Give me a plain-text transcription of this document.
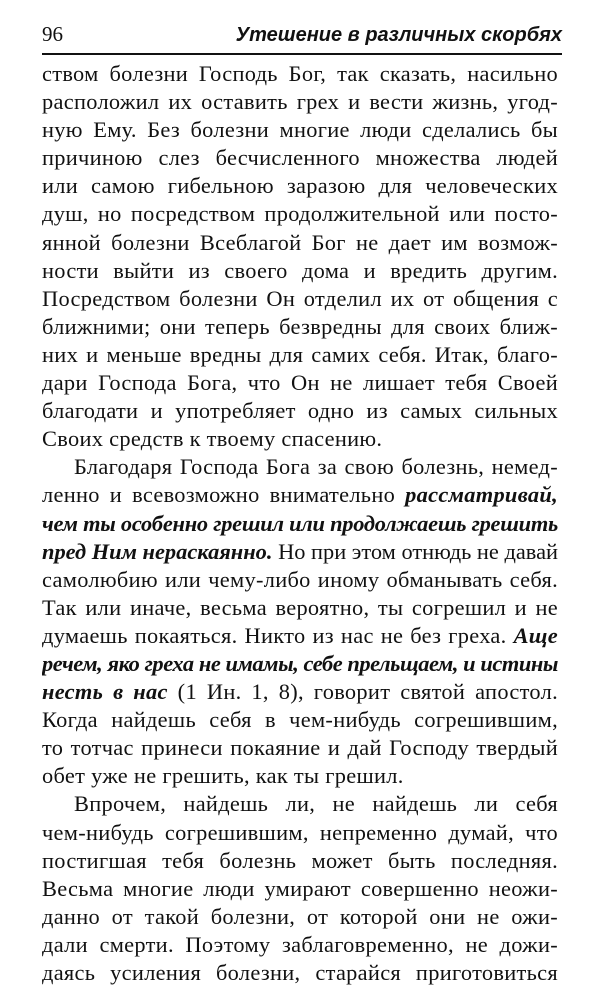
96	Утешение в различных скорбях
ством болезни Господь Бог, так сказать, насильно
расположил их оставить грех и вести жизнь, угод-
ную Ему. Без болезни многие люди сделались бы
причиною слез бесчисленного множества людей
или самою гибельною заразою для человеческих
душ, но посредством продолжительной или посто-
янной болезни Всеблагой Бог не дает им возмож-
ности выйти из своего дома и вредить другим.
Посредством болезни Он отделил их от общения с
ближними; они теперь безвредны для своих ближ-
них и меньше вредны для самих себя. Итак, благо-
дари Господа Бога, что Он не лишает тебя Своей
благодати и употребляет одно из самых сильных
Своих средств к твоему спасению.
Благодаря Господа Бога за свою болезнь, немед-
ленно и всевозможно внимательно рассматривай,
чем ты особенно грешил или продолжаешь грешить
пред Ним нераскаянно. Но при этом отнюдь не давай
самолюбию или чему-либо иному обманывать себя.
Так или иначе, весьма вероятно, ты согрешил и не
думаешь покаяться. Никто из нас не без греха. Аще
речем, яко греха не имамы, себе прельщаем, и истины
несть в нас (1 Ин. 1, 8), говорит святой апостол.
Когда найдешь себя в чем-нибудь согрешившим,
то тотчас принеси покаяние и дай Господу твердый
обет уже не грешить, как ты грешил.
Впрочем, найдешь ли, не найдешь ли себя
чем-нибудь согрешившим, непременно думай, что
постигшая тебя болезнь может быть последняя.
Весьма многие люди умирают совершенно неожи-
данно от такой болезни, от которой они не ожи-
дали смерти. Поэтому заблаговременно, не дожи-
даясь усиления болезни, старайся приготовиться
